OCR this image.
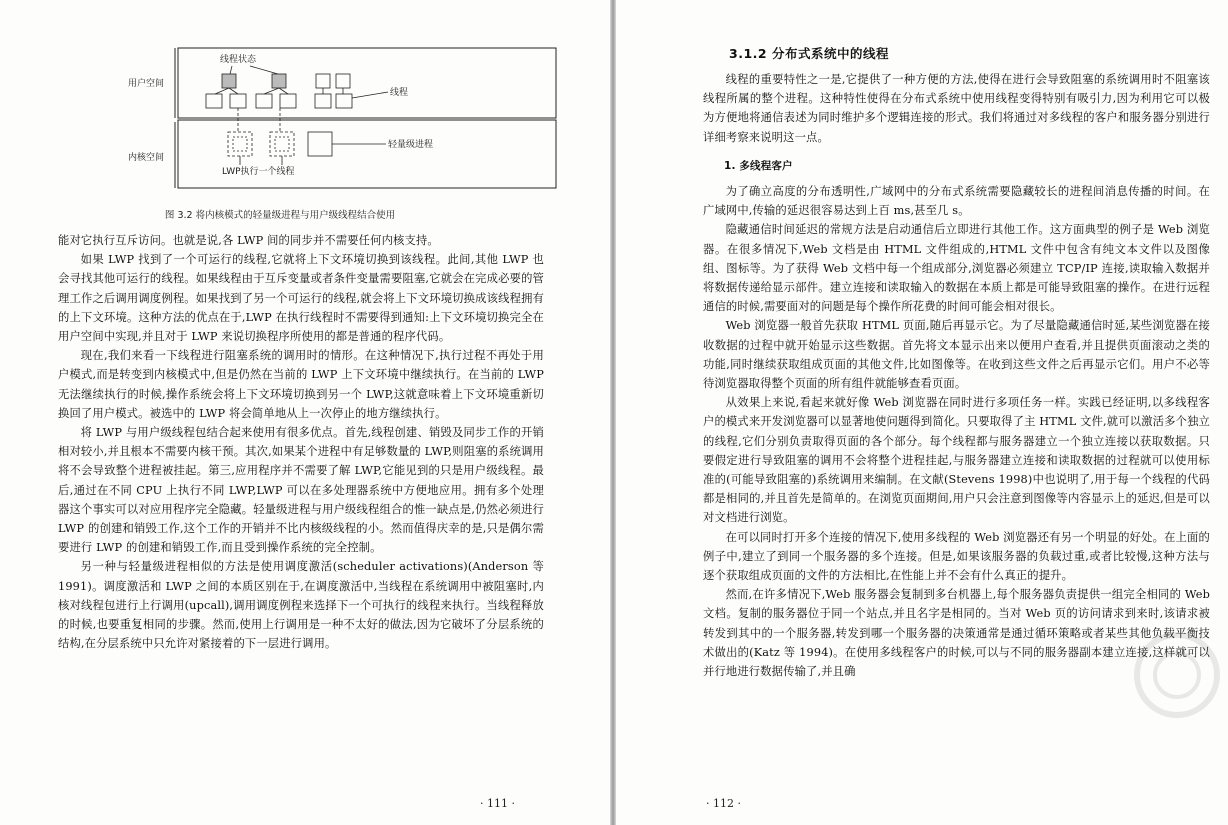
用户空间
内核空间
线程状态
线程
轻量级进程
LWP执行一个线程
图 3.2 将内核模式的轻量级进程与用户级线程结合使用

能对它执行互斥访问。也就是说,各 LWP 间的同步并不需要任何内核支持。

如果 LWP 找到了一个可运行的线程,它就将上下文环境切换到该线程。此间,其他 LWP 也会寻找其他可运行的线程。如果线程由于互斥变量或者条件变量需要阻塞,它就会在完成必要的管理工作之后调用调度例程。如果找到了另一个可运行的线程,就会将上下文环境切换成该线程拥有的上下文环境。这种方法的优点在于,LWP 在执行线程时不需要得到通知:上下文环境切换完全在用户空间中实现,并且对于 LWP 来说切换程序所使用的都是普通的程序代码。

现在,我们来看一下线程进行阻塞系统的调用时的情形。在这种情况下,执行过程不再处于用户模式,而是转变到内核模式中,但是仍然在当前的 LWP 上下文环境中继续执行。在当前的 LWP 无法继续执行的时候,操作系统会将上下文环境切换到另一个 LWP,这就意味着上下文环境重新切换回了用户模式。被选中的 LWP 将会简单地从上一次停止的地方继续执行。

将 LWP 与用户级线程包结合起来使用有很多优点。首先,线程创建、销毁及同步工作的开销相对较小,并且根本不需要内核干预。其次,如果某个进程中有足够数量的 LWP,则阻塞的系统调用将不会导致整个进程被挂起。第三,应用程序并不需要了解 LWP,它能见到的只是用户级线程。最后,通过在不同 CPU 上执行不同 LWP,LWP 可以在多处理器系统中方便地应用。拥有多个处理器这个事实可以对应用程序完全隐藏。轻量级进程与用户级线程组合的惟一缺点是,仍然必须进行 LWP 的创建和销毁工作,这个工作的开销并不比内核级线程的小。然而值得庆幸的是,只是偶尔需要进行 LWP 的创建和销毁工作,而且受到操作系统的完全控制。

另一种与轻量级进程相似的方法是使用调度激活(scheduler activations)(Anderson 等 1991)。调度激活和 LWP 之间的本质区别在于,在调度激活中,当线程在系统调用中被阻塞时,内核对线程包进行上行调用(upcall),调用调度例程来选择下一个可执行的线程来执行。当线程释放的时候,也要重复相同的步骤。然而,使用上行调用是一种不太好的做法,因为它破坏了分层系统的结构,在分层系统中只允许对紧接着的下一层进行调用。

· 111 ·
3.1.2 分布式系统中的线程

线程的重要特性之一是,它提供了一种方便的方法,使得在进行会导致阻塞的系统调用时不阻塞该线程所属的整个进程。这种特性使得在分布式系统中使用线程变得特别有吸引力,因为利用它可以极为方便地将通信表述为同时维护多个逻辑连接的形式。我们将通过对多线程的客户和服务器分别进行详细考察来说明这一点。

1. 多线程客户

为了确立高度的分布透明性,广域网中的分布式系统需要隐藏较长的进程间消息传播的时间。在广域网中,传输的延迟很容易达到上百 ms,甚至几 s。

隐藏通信时间延迟的常规方法是启动通信后立即进行其他工作。这方面典型的例子是 Web 浏览器。在很多情况下,Web 文档是由 HTML 文件组成的,HTML 文件中包含有纯文本文件以及图像组、图标等。为了获得 Web 文档中每一个组成部分,浏览器必须建立 TCP/IP 连接,读取输入数据并将数据传递给显示部件。建立连接和读取输入的数据在本质上都是可能导致阻塞的操作。在进行远程通信的时候,需要面对的问题是每个操作所花费的时间可能会相对很长。

Web 浏览器一般首先获取 HTML 页面,随后再显示它。为了尽量隐藏通信时延,某些浏览器在接收数据的过程中就开始显示这些数据。首先将文本显示出来以便用户查看,并且提供页面滚动之类的功能,同时继续获取组成页面的其他文件,比如图像等。在收到这些文件之后再显示它们。用户不必等待浏览器取得整个页面的所有组件就能够查看页面。

从效果上来说,看起来就好像 Web 浏览器在同时进行多项任务一样。实践已经证明,以多线程客户的模式来开发浏览器可以显著地使问题得到简化。只要取得了主 HTML 文件,就可以激活多个独立的线程,它们分别负责取得页面的各个部分。每个线程都与服务器建立一个独立连接以获取数据。只要假定进行导致阻塞的调用不会将整个进程挂起,与服务器建立连接和读取数据的过程就可以使用标准的(可能导致阻塞的)系统调用来编制。在文献(Stevens 1998)中也说明了,用于每一个线程的代码都是相同的,并且首先是简单的。在浏览页面期间,用户只会注意到图像等内容显示上的延迟,但是可以对文档进行浏览。

在可以同时打开多个连接的情况下,使用多线程的 Web 浏览器还有另一个明显的好处。在上面的例子中,建立了到同一个服务器的多个连接。但是,如果该服务器的负载过重,或者比较慢,这种方法与逐个获取组成页面的文件的方法相比,在性能上并不会有什么真正的提升。

然而,在许多情况下,Web 服务器会复制到多台机器上,每个服务器负责提供一组完全相同的 Web 文档。复制的服务器位于同一个站点,并且名字是相同的。当对 Web 页的访问请求到来时,该请求被转发到其中的一个服务器,转发到哪一个服务器的决策通常是通过循环策略或者某些其他负载平衡技术做出的(Katz 等 1994)。在使用多线程客户的时候,可以与不同的服务器副本建立连接,这样就可以并行地进行数据传输了,并且确

· 112 ·
